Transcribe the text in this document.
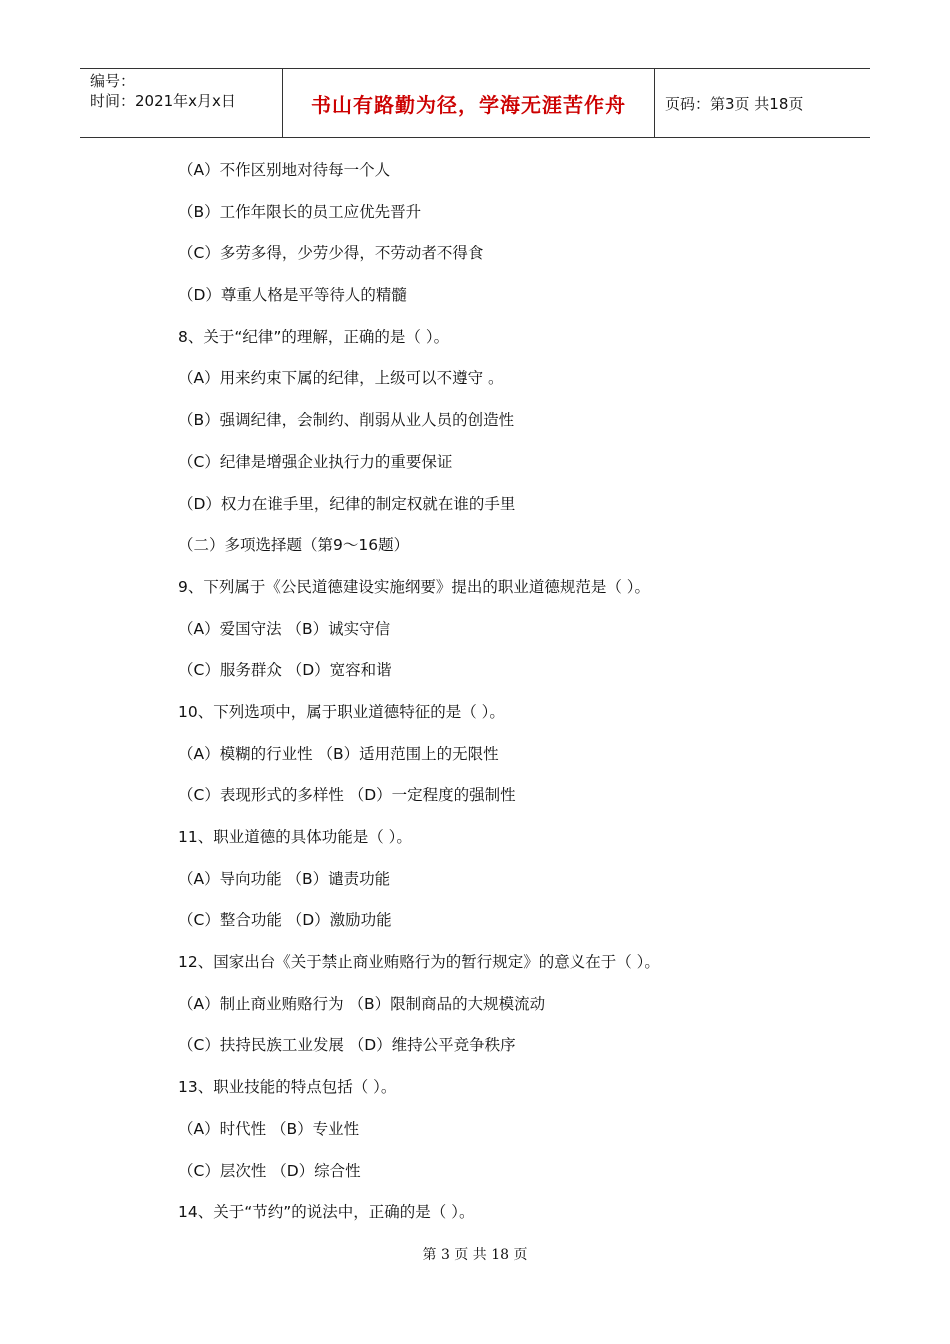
编号：
时间：2021年x月x日	书山有路勤为径，学海无涯苦作舟	页码：第3页 共18页
（A）不作区别地对待每一个人
（B）工作年限长的员工应优先晋升
（C）多劳多得，少劳少得，不劳动者不得食
（D）尊重人格是平等待人的精髓
8、关于“纪律”的理解，正确的是（ ）。
（A）用来约束下属的纪律，上级可以不遵守 。
（B）强调纪律，会制约、削弱从业人员的创造性
（C）纪律是增强企业执行力的重要保证
（D）权力在谁手里，纪律的制定权就在谁的手里
（二）多项选择题（第9～16题）
9、下列属于《公民道德建设实施纲要》提出的职业道德规范是（ ）。
（A）爱国守法 （B）诚实守信
（C）服务群众 （D）宽容和谐
10、下列选项中，属于职业道德特征的是（ ）。
（A）模糊的行业性 （B）适用范围上的无限性
（C）表现形式的多样性 （D）一定程度的强制性
11、职业道德的具体功能是（ ）。
（A）导向功能 （B）谴责功能
（C）整合功能 （D）激励功能
12、国家出台《关于禁止商业贿赂行为的暂行规定》的意义在于（ ）。
（A）制止商业贿赂行为 （B）限制商品的大规模流动
（C）扶持民族工业发展 （D）维持公平竞争秩序
13、职业技能的特点包括（ ）。
（A）时代性 （B）专业性
（C）层次性 （D）综合性
14、关于“节约”的说法中，正确的是（ ）。
第 3 页 共 18 页
